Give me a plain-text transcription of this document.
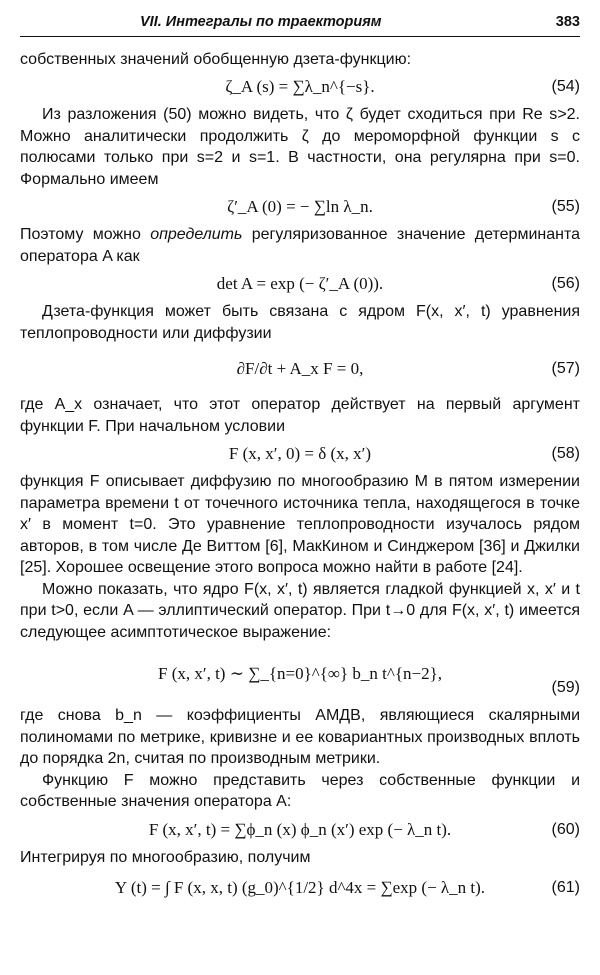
VII. Интегралы по траекториям	383

собственных значений обобщенную дзета-функцию:

ζ_A (s) = ∑λ_n^{−s}.	(54)

Из разложения (50) можно видеть, что ζ будет сходиться при Re s>2. Можно аналитически продолжить ζ до мероморфной функции s с полюсами только при s=2 и s=1. В частности, она регулярна при s=0. Формально имеем

ζ′_A (0) = − ∑ln λ_n.	(55)

Поэтому можно определить регуляризованное значение детерминанта оператора A как

det A = exp (− ζ′_A (0)).	(56)

Дзета-функция может быть связана с ядром F(x, x′, t) уравнения теплопроводности или диффузии

∂F/∂t + A_x F = 0,	(57)

где A_x означает, что этот оператор действует на первый аргумент функции F. При начальном условии

F (x, x′, 0) = δ (x, x′)	(58)

функция F описывает диффузию по многообразию M в пятом измерении параметра времени t от точечного источника тепла, находящегося в точке x′ в момент t=0. Это уравнение теплопроводности изучалось рядом авторов, в том числе Де Виттом [6], МакКином и Синджером [36] и Джилки [25]. Хорошее освещение этого вопроса можно найти в работе [24].

Можно показать, что ядро F(x, x′, t) является гладкой функцией x, x′ и t при t>0, если A — эллиптический оператор. При t→0 для F(x, x′, t) имеется следующее асимптотическое выражение:

F (x, x′, t) ∼ ∑_{n=0}^{∞} b_n t^{n−2},
(59)

где снова b_n — коэффициенты АМДВ, являющиеся скалярными полиномами по метрике, кривизне и ее ковариантных производных вплоть до порядка 2n, считая по производным метрики.

Функцию F можно представить через собственные функции и собственные значения оператора A:

F (x, x′, t) = ∑ϕ_n (x) ϕ_n (x′) exp (− λ_n t).	(60)

Интегрируя по многообразию, получим

Y (t) = ∫ F (x, x, t) (g_0)^{1/2} d^4x = ∑exp (− λ_n t).	(61)
